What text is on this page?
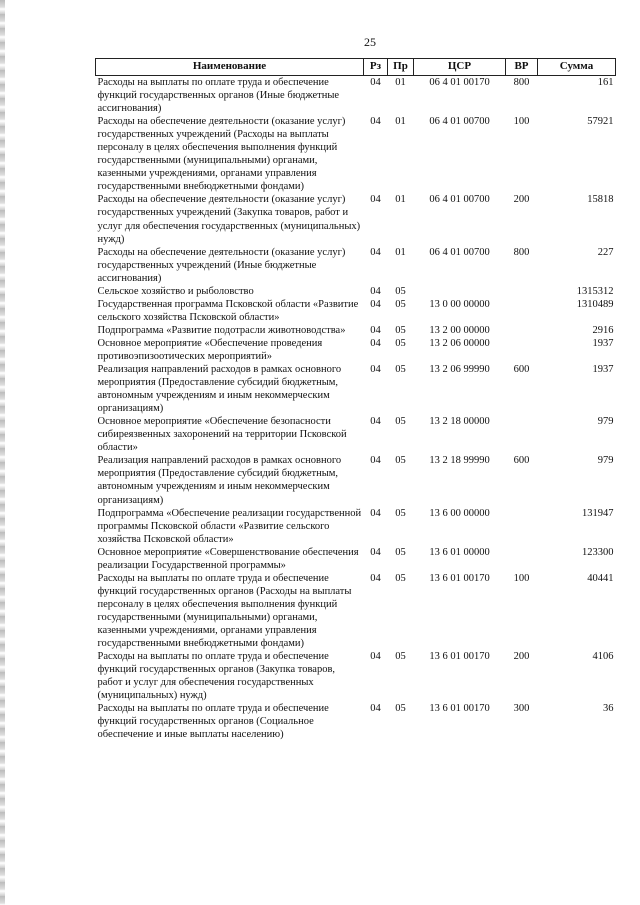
25
Наименование	Рз	Пр	ЦСР	ВР	Сумма
Расходы на выплаты по оплате труда и обеспечение функций государственных органов (Иные бюджетные ассигнования)	04	01	06 4 01 00170	800	161
Расходы на обеспечение деятельности (оказание услуг) государственных учреждений (Расходы на выплаты персоналу в целях обеспечения выполнения функций государственными (муниципальными) органами, казенными учреждениями, органами управления государственными внебюджетными фондами)	04	01	06 4 01 00700	100	57921
Расходы на обеспечение деятельности (оказание услуг) государственных учреждений (Закупка товаров, работ и услуг для обеспечения государственных (муниципальных) нужд)	04	01	06 4 01 00700	200	15818
Расходы на обеспечение деятельности (оказание услуг) государственных учреждений (Иные бюджетные ассигнования)	04	01	06 4 01 00700	800	227
Сельское хозяйство и рыболовство	04	05			1315312
Государственная программа Псковской области «Развитие сельского хозяйства Псковской области»	04	05	13 0 00 00000		1310489
Подпрограмма «Развитие подотрасли животноводства»	04	05	13 2 00 00000		2916
Основное мероприятие «Обеспечение проведения противоэпизоотических мероприятий»	04	05	13 2 06 00000		1937
Реализация направлений расходов в рамках основного мероприятия (Предоставление субсидий бюджетным, автономным учреждениям и иным некоммерческим организациям)	04	05	13 2 06 99990	600	1937
Основное мероприятие «Обеспечение безопасности сибиреязвенных захоронений на территории Псковской области»	04	05	13 2 18 00000		979
Реализация направлений расходов в рамках основного мероприятия (Предоставление субсидий бюджетным, автономным учреждениям и иным некоммерческим организациям)	04	05	13 2 18 99990	600	979
Подпрограмма «Обеспечение реализации государственной программы Псковской области «Развитие сельского хозяйства Псковской области»	04	05	13 6 00 00000		131947
Основное мероприятие «Совершенствование обеспечения реализации Государственной программы»	04	05	13 6 01 00000		123300
Расходы на выплаты по оплате труда и обеспечение функций государственных органов (Расходы на выплаты персоналу в целях обеспечения выполнения функций государственными (муниципальными) органами, казенными учреждениями, органами управления государственными внебюджетными фондами)	04	05	13 6 01 00170	100	40441
Расходы на выплаты по оплате труда и обеспечение функций государственных органов (Закупка товаров, работ и услуг для обеспечения государственных (муниципальных) нужд)	04	05	13 6 01 00170	200	4106
Расходы на выплаты по оплате труда и обеспечение функций государственных органов (Социальное обеспечение и иные выплаты населению)	04	05	13 6 01 00170	300	36
